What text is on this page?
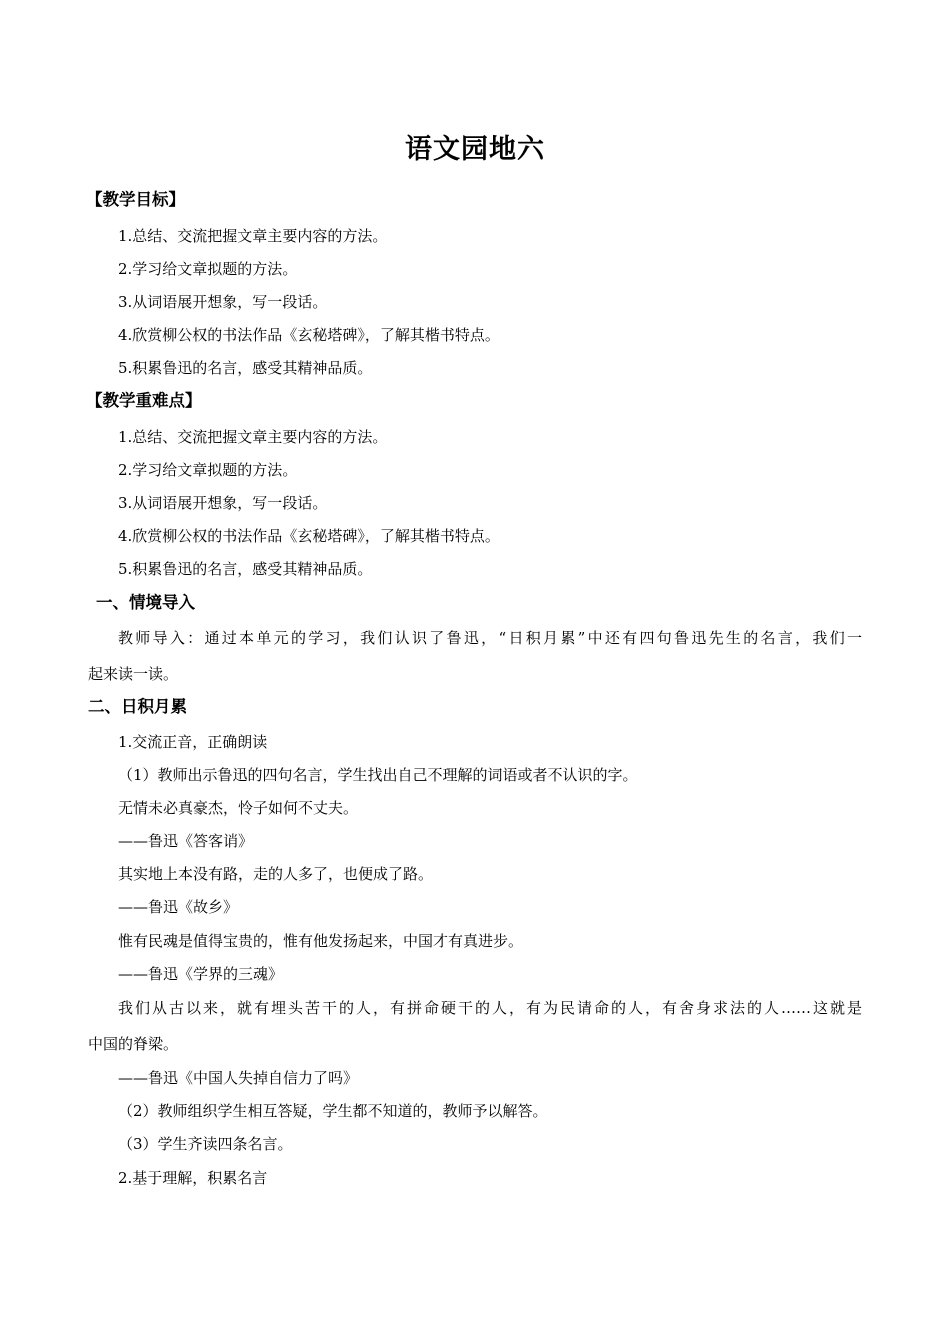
语文园地六
【教学目标】
1.总结、交流把握文章主要内容的方法。
2.学习给文章拟题的方法。
3.从词语展开想象，写一段话。
4.欣赏柳公权的书法作品《玄秘塔碑》，了解其楷书特点。
5.积累鲁迅的名言，感受其精神品质。
【教学重难点】
1.总结、交流把握文章主要内容的方法。
2.学习给文章拟题的方法。
3.从词语展开想象，写一段话。
4.欣赏柳公权的书法作品《玄秘塔碑》，了解其楷书特点。
5.积累鲁迅的名言，感受其精神品质。
一、情境导入
教师导入：通过本单元的学习，我们认识了鲁迅，“日积月累”中还有四句鲁迅先生的名言，我们一
起来读一读。
二、日积月累
1.交流正音，正确朗读
（1）教师出示鲁迅的四句名言，学生找出自己不理解的词语或者不认识的字。
无情未必真豪杰，怜子如何不丈夫。
——鲁迅《答客诮》
其实地上本没有路，走的人多了，也便成了路。
——鲁迅《故乡》
惟有民魂是值得宝贵的，惟有他发扬起来，中国才有真进步。
——鲁迅《学界的三魂》
我们从古以来，就有埋头苦干的人，有拼命硬干的人，有为民请命的人，有舍身求法的人……这就是
中国的脊梁。
——鲁迅《中国人失掉自信力了吗》
（2）教师组织学生相互答疑，学生都不知道的，教师予以解答。
（3）学生齐读四条名言。
2.基于理解，积累名言
